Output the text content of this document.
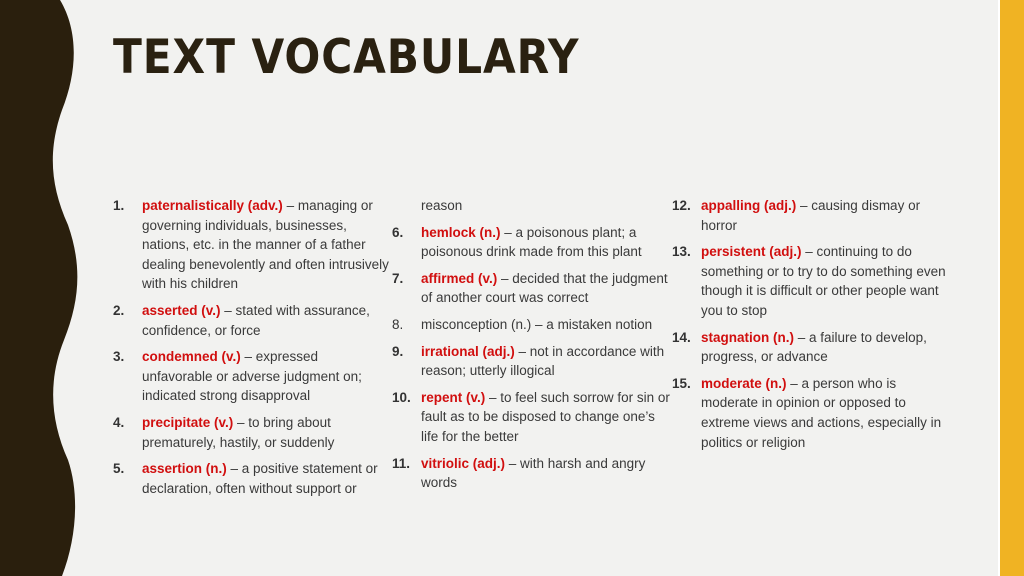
TEXT VOCABULARY
1. paternalistically (adv.) – managing or governing individuals, businesses, nations, etc. in the manner of a father dealing benevolently and often intrusively with his children
2. asserted (v.) – stated with assurance, confidence, or force
3. condemned (v.) – expressed unfavorable or adverse judgment on; indicated strong disapproval
4. precipitate (v.) – to bring about prematurely, hastily, or suddenly
5. assertion (n.) – a positive statement or declaration, often without support or
reason
6. hemlock (n.) – a poisonous plant; a poisonous drink made from this plant
7. affirmed (v.) – decided that the judgment of another court was correct
8. misconception (n.) – a mistaken notion
9. irrational (adj.) – not in accordance with reason; utterly illogical
10. repent (v.) – to feel such sorrow for sin or fault as to be disposed to change one’s life for the better
11. vitriolic (adj.) – with harsh and angry words
12. appalling (adj.) – causing dismay or horror
13. persistent (adj.) – continuing to do something or to try to do something even though it is difficult or other people want you to stop
14. stagnation (n.) – a failure to develop, progress, or advance
15. moderate (n.) – a person who is moderate in opinion or opposed to extreme views and actions, especially in politics or religion
